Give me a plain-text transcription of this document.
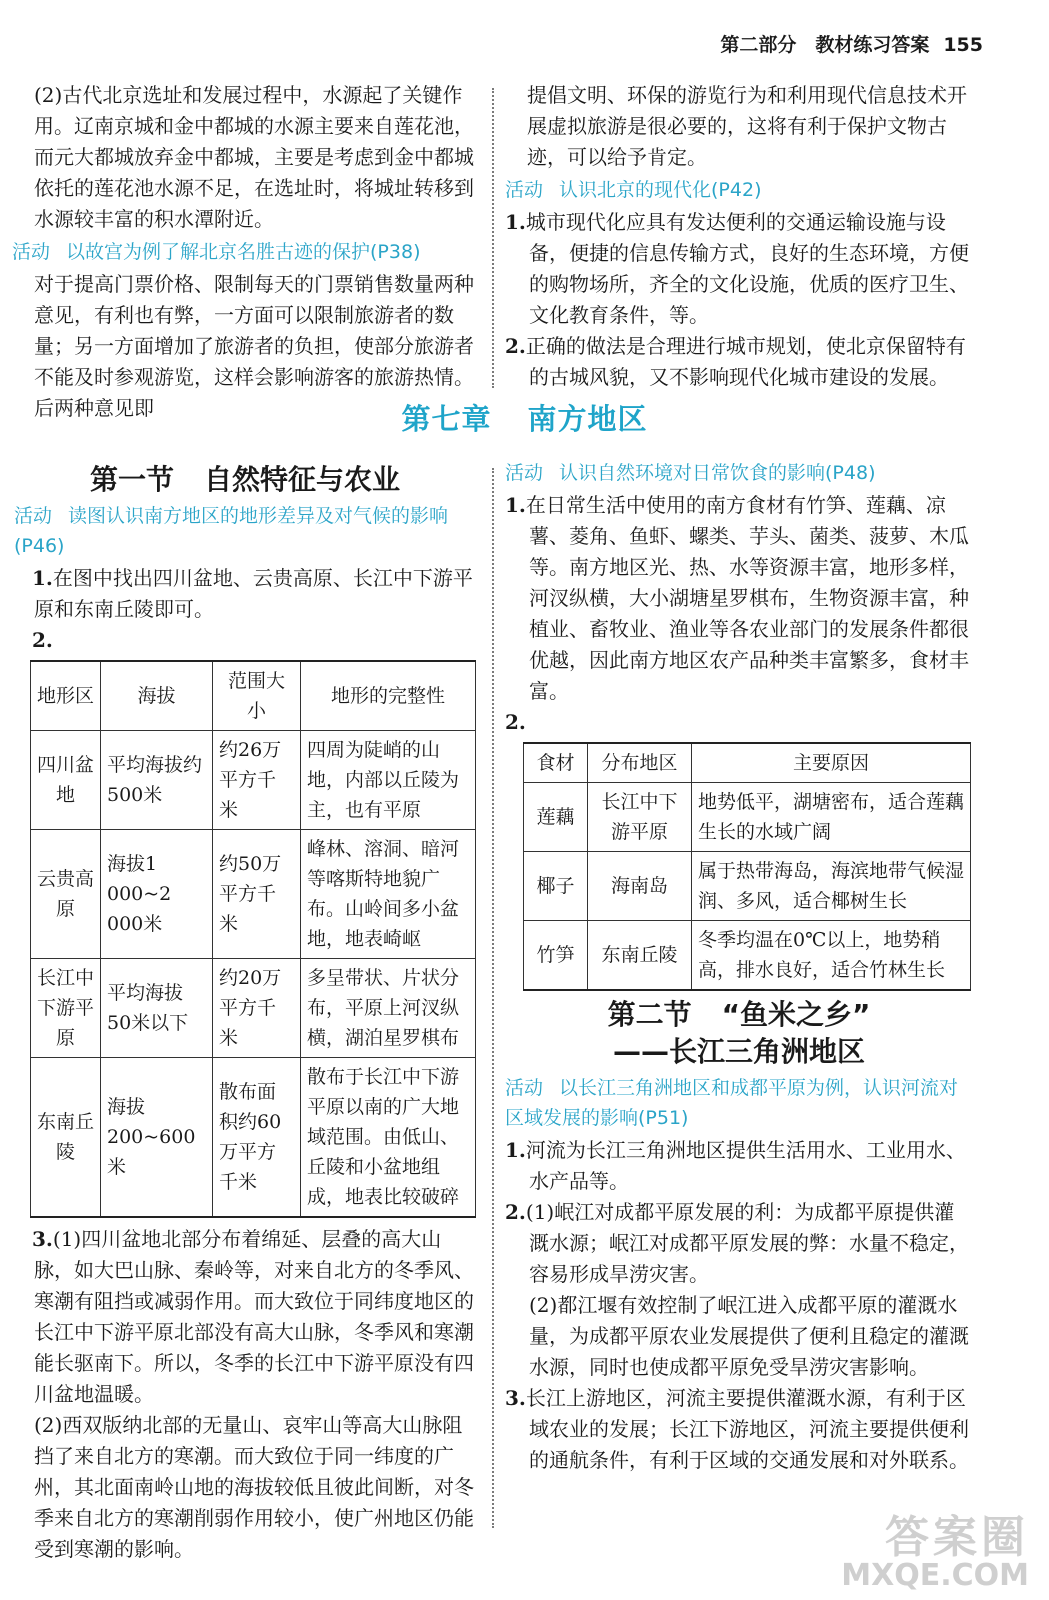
第二部分　教材练习答案 155

(2)古代北京选址和发展过程中，水源起了关键作用。辽南京城和金中都城的水源主要来自莲花池，而元大都城放弃金中都城，主要是考虑到金中都城依托的莲花池水源不足，在选址时，将城址转移到水源较丰富的积水潭附近。

活动 以故宫为例了解北京名胜古迹的保护(P38)

对于提高门票价格、限制每天的门票销售数量两种意见，有利也有弊，一方面可以限制旅游者的数量；另一方面增加了旅游者的负担，使部分旅游者不能及时参观游览，这样会影响游客的旅游热情。后两种意见即

提倡文明、环保的游览行为和利用现代信息技术开展虚拟旅游是很必要的，这将有利于保护文物古迹，可以给予肯定。

活动 认识北京的现代化(P42)

1.城市现代化应具有发达便利的交通运输设施与设备，便捷的信息传输方式，良好的生态环境，方便的购物场所，齐全的文化设施，优质的医疗卫生、文化教育条件，等。

2.正确的做法是合理进行城市规划，使北京保留特有的古城风貌，又不影响现代化城市建设的发展。

第七章 南方地区
第一节 自然特征与农业

活动 读图认识南方地区的地形差异及对气候的影响(P46)

1.在图中找出四川盆地、云贵高原、长江中下游平原和东南丘陵即可。

2.

地形区	海拔	范围大小	地形的完整性
四川盆地	平均海拔约500米	约26万平方千米	四周为陡峭的山地，内部以丘陵为主，也有平原
云贵高原	海拔1 000~2 000米	约50万平方千米	峰林、溶洞、暗河等喀斯特地貌广布。山岭间多小盆地，地表崎岖
长江中下游平原	平均海拔50米以下	约20万平方千米	多呈带状、片状分布，平原上河汊纵横，湖泊星罗棋布
东南丘陵	海拔200~600米	散布面积约60万平方千米	散布于长江中下游平原以南的广大地域范围。由低山、丘陵和小盆地组成，地表比较破碎

3.(1)四川盆地北部分布着绵延、层叠的高大山脉，如大巴山脉、秦岭等，对来自北方的冬季风、寒潮有阻挡或减弱作用。而大致位于同纬度地区的长江中下游平原北部没有高大山脉，冬季风和寒潮能长驱南下。所以，冬季的长江中下游平原没有四川盆地温暖。

(2)西双版纳北部的无量山、哀牢山等高大山脉阻挡了来自北方的寒潮。而大致位于同一纬度的广州，其北面南岭山地的海拔较低且彼此间断，对冬季来自北方的寒潮削弱作用较小，使广州地区仍能受到寒潮的影响。

活动 认识自然环境对日常饮食的影响(P48)

1.在日常生活中使用的南方食材有竹笋、莲藕、凉薯、菱角、鱼虾、螺类、芋头、菌类、菠萝、木瓜等。南方地区光、热、水等资源丰富，地形多样，河汊纵横，大小湖塘星罗棋布，生物资源丰富，种植业、畜牧业、渔业等各农业部门的发展条件都很优越，因此南方地区农产品种类丰富繁多，食材丰富。

2.

食材	分布地区	主要原因
莲藕	长江中下游平原	地势低平，湖塘密布，适合莲藕生长的水域广阔
椰子	海南岛	属于热带海岛，海滨地带气候湿润、多风，适合椰树生长
竹笋	东南丘陵	冬季均温在0℃以上，地势稍高，排水良好，适合竹林生长
第二节 “鱼米之乡”
——长江三角洲地区

活动 以长江三角洲地区和成都平原为例，认识河流对区域发展的影响(P51)

1.河流为长江三角洲地区提供生活用水、工业用水、水产品等。

2.(1)岷江对成都平原发展的利：为成都平原提供灌溉水源；岷江对成都平原发展的弊：水量不稳定，容易形成旱涝灾害。

(2)都江堰有效控制了岷江进入成都平原的灌溉水量，为成都平原农业发展提供了便利且稳定的灌溉水源，同时也使成都平原免受旱涝灾害影响。

3.长江上游地区，河流主要提供灌溉水源，有利于区域农业的发展；长江下游地区，河流主要提供便利的通航条件，有利于区域的交通发展和对外联系。

答案圈
MXQE.COM
